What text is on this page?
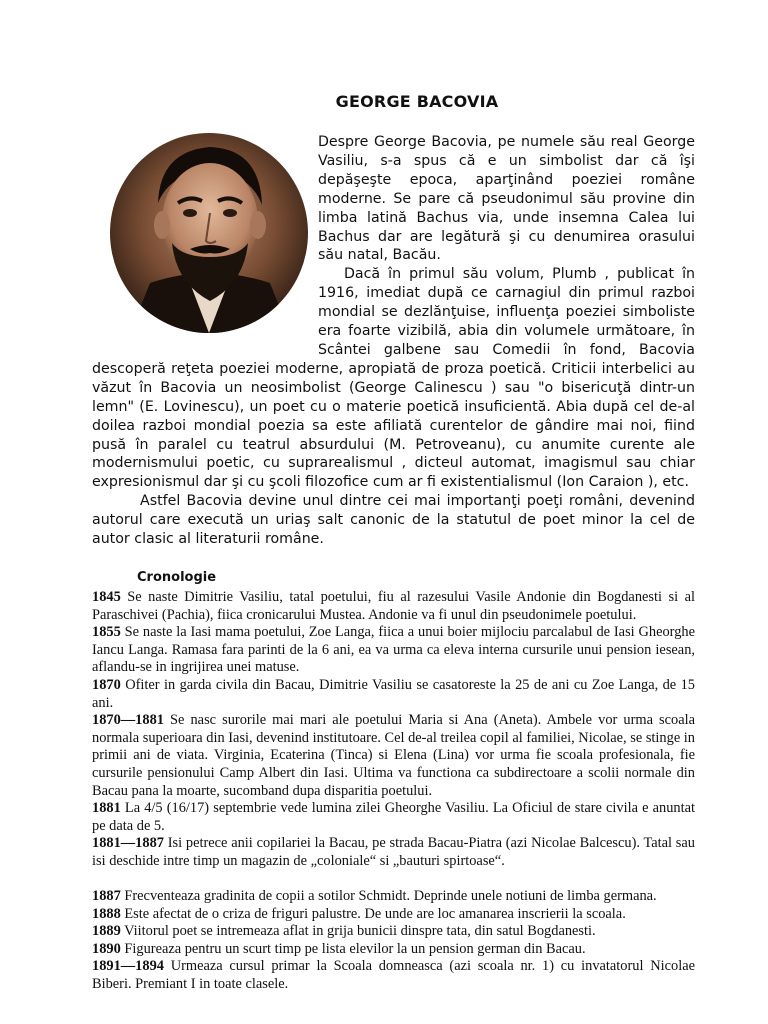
GEORGE BACOVIA

Despre George Bacovia, pe numele său real George Vasiliu, s-a spus că e un simbolist dar că îşi depăşeşte epoca, aparţinând poeziei române moderne. Se pare că pseudonimul său provine din limba latină Bachus via, unde insemna Calea lui Bachus dar are legătură şi cu denumirea orasului său natal, Bacău.

Dacă în primul său volum, Plumb , publicat în 1916, imediat după ce carnagiul din primul razboi mondial se dezlănţuise, influenţa poeziei simboliste era foarte vizibilă, abia din volumele următoare, în Scântei galbene sau Comedii în fond, Bacovia descoperă reţeta poeziei moderne, apropiată de proza poetică. Criticii interbelici au văzut în Bacovia un neosimbolist (George Calinescu ) sau "o bisericuţă dintr-un lemn" (E. Lovinescu), un poet cu o materie poetică insuficientă. Abia după cel de-al doilea razboi mondial poezia sa este afiliată curentelor de gândire mai noi, fiind pusă în paralel cu teatrul absurdului (M. Petroveanu), cu anumite curente ale modernismului poetic, cu suprarealismul , dicteul automat, imagismul sau chiar expresionismul dar şi cu şcoli filozofice cum ar fi existentialismul (Ion Caraion ), etc.

Astfel Bacovia devine unul dintre cei mai importanţi poeţi români, devenind autorul care execută un uriaş salt canonic de la statutul de poet minor la cel de autor clasic al literaturii române.

Cronologie

1845 Se naste Dimitrie Vasiliu, tatal poetului, fiu al razesului Vasile Andonie din Bogdanesti si al Paraschivei (Pachia), fiica cronicarului Mustea. Andonie va fi unul din pseudonimele poetului.

1855 Se naste la Iasi mama poetului, Zoe Langa, fiica a unui boier mijlociu parcalabul de Iasi Gheorghe Iancu Langa. Ramasa fara parinti de la 6 ani, ea va urma ca eleva interna cursurile unui pension iesean, aflandu-se in ingrijirea unei matuse.

1870 Ofiter in garda civila din Bacau, Dimitrie Vasiliu se casatoreste la 25 de ani cu Zoe Langa, de 15 ani.

1870—1881 Se nasc surorile mai mari ale poetului Maria si Ana (Aneta). Ambele vor urma scoala normala superioara din Iasi, devenind institutoare. Cel de-al treilea copil al familiei, Nicolae, se stinge in primii ani de viata. Virginia, Ecaterina (Tinca) si Elena (Lina) vor urma fie scoala profesionala, fie cursurile pensionului Camp Albert din Iasi. Ultima va functiona ca subdirectoare a scolii normale din Bacau pana la moarte, sucomband dupa disparitia poetului.

1881 La 4/5 (16/17) septembrie vede lumina zilei Gheorghe Vasiliu. La Oficiul de stare civila e anuntat pe data de 5.

1881—1887 Isi petrece anii copilariei la Bacau, pe strada Bacau-Piatra (azi Nicolae Balcescu). Tatal sau isi deschide intre timp un magazin de „coloniale“ si „bauturi spirtoase“.

1887 Frecventeaza gradinita de copii a sotilor Schmidt. Deprinde unele notiuni de limba germana.

1888 Este afectat de o criza de friguri palustre. De unde are loc amanarea inscrierii la scoala.

1889 Viitorul poet se intremeaza aflat in grija bunicii dinspre tata, din satul Bogdanesti.

1890 Figureaza pentru un scurt timp pe lista elevilor la un pension german din Bacau.

1891—1894 Urmeaza cursul primar la Scoala domneasca (azi scoala nr. 1) cu invatatorul Nicolae Biberi. Premiant I in toate clasele.
